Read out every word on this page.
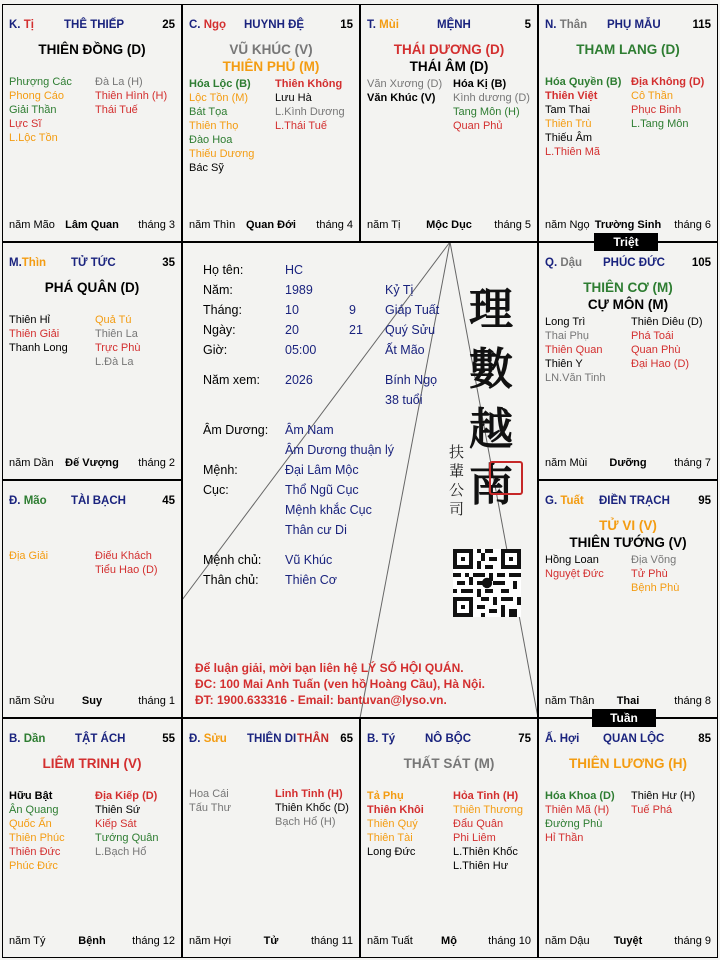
K. Tị	THÊ THIẾP	25
THIÊN ĐỒNG (D)
Phượng Các
Phong Cáo
Giải Thần
Lực Sĩ
L.Lộc Tồn
Đà La (H)
Thiên Hình (H)
Thái Tuế
năm Mão Lâm Quan	tháng 3
C. Ngọ HUYNH ĐỆ	15
VŨ KHÚC (V)
THIÊN PHỦ (M)
Hóa Lộc (B)
Lộc Tồn (M)
Bát Tọa
Thiên Thọ
Đào Hoa
Thiếu Dương
Bác Sỹ
Thiên Không
Lưu Hà
L.Kình Dương
L.Thái Tuế
năm Thìn Quan Đới	tháng 4
T. Mùi	MỆNH	5
THÁI DƯƠNG (D)
THÁI ÂM (D)
Văn Xương (D)
Văn Khúc (V)
Hóa Kị (B)
Kình dương (D)
Tang Môn (H)
Quan Phủ
năm Tị	Mộc Dục	tháng 5
N. Thân PHỤ MẪU	115
THAM LANG (D)
Hóa Quyền (B)
Thiên Việt
Tam Thai
Thiên Trù
Thiếu Âm
L.Thiên Mã
Địa Không (D)
Cô Thần
Phục Binh
L.Tang Môn
năm Ngọ Trường Sinh	tháng 6
M.Thìn TỬ TỨC	35
PHÁ QUÂN (D)
Thiên Hỉ
Thiên Giải
Thanh Long
Quả Tú
Thiên La
Trực Phù
L.Đà La
năm Dần	Đế Vượng	tháng 2
Q. Dậu PHÚC ĐỨC 105
THIÊN CƠ (M)
CỰ MÔN (M)
Long Trì
Thai Phụ
Thiên Quan
Thiên Y
LN.Văn Tinh
Thiên Diêu (D)
Phá Toái
Quan Phù
Đại Hao (D)
năm Mùi	Dưỡng	tháng 7
Đ. Mão TÀI BẠCH	45
Địa Giải	Điếu Khách
Tiểu Hao (D)
năm Sửu	Suy	tháng 1
G. Tuất ĐIỀN TRẠCH 95
TỬ VI (V)
THIÊN TƯỚNG (V)
Hồng Loan
Nguyệt Đức
Địa Võng
Tử Phù
Bệnh Phù
năm Thân	Thai	tháng 8
B. Dần	TẬT ÁCH	55
LIÊM TRINH (V)
Hữu Bật
Ân Quang
Quốc Ấn
Thiên Phúc
Thiên Đức
Phúc Đức
Địa Kiếp (D)
Thiên Sứ
Kiếp Sát
Tướng Quân
L.Bạch Hổ
năm Tý	Bệnh	tháng 12
Đ. Sửu THIÊN DI THÂN 65
Hoa Cái
Tấu Thư
Linh Tinh (H)
Thiên Khốc (D)
Bạch Hổ (H)
năm Hợi	Tử	tháng 11
B. Tý	NÔ BỘC	75
THẤT SÁT (M)
Tả Phụ
Thiên Khôi
Thiên Quý
Thiên Tài
Long Đức
Hỏa Tinh (H)
Thiên Thương
Đẩu Quân
Phi Liêm
L.Thiên Khốc
L.Thiên Hư
năm Tuất	Mộ	tháng 10
Ấ. Hợi QUAN LỘC	85
THIÊN LƯƠNG (H)
Hóa Khoa (D)
Thiên Mã (H)
Đường Phù
Hỉ Thần
Thiên Hư (H)
Tuế Phá
năm Dậu	Tuyệt	tháng 9
Họ tên:	HC
Năm:	1989	Kỷ Tị
Tháng:	10	9 Giáp Tuất
Ngày:	20	21 Quý Sửu
Giờ:	05:00	Ất Mão
Năm xem: 2026	Bính Ngọ
38 tuổi
Âm Dương: Âm Nam
Âm Dương thuận lý
Mệnh:	Đại Lâm Mộc
Cục:	Thổ Ngũ Cục
Mệnh khắc Cục
Thân cư Di
Mệnh chủ: Vũ Khúc
Thân chủ: Thiên Cơ
理
數
越
南
扶
輩
公
司
Để luận giải, mời bạn liên hệ LÝ SỐ HỘI QUÁN.
ĐC: 100 Mai Anh Tuấn (ven hồ Hoàng Cầu), Hà Nội.
ĐT: 1900.633316 - Email: bantuvan@lyso.vn.
Triệt
Tuần
